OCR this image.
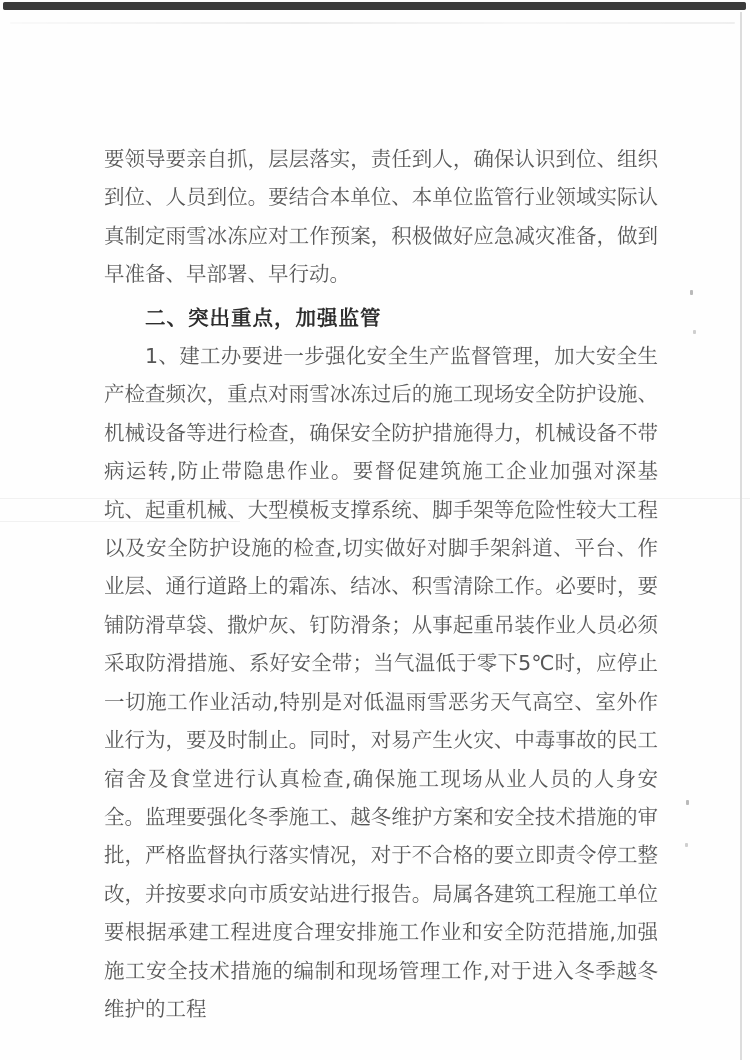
要领导要亲自抓，层层落实，责任到人，确保认识到位、组织到位、人员到位。要结合本单位、本单位监管行业领域实际认真制定雨雪冰冻应对工作预案，积极做好应急减灾准备，做到早准备、早部署、早行动。

二、突出重点，加强监管

1、建工办要进一步强化安全生产监督管理，加大安全生产检查频次，重点对雨雪冰冻过后的施工现场安全防护设施、机械设备等进行检查，确保安全防护措施得力，机械设备不带病运转,防止带隐患作业。要督促建筑施工企业加强对深基坑、起重机械、大型模板支撑系统、脚手架等危险性较大工程以及安全防护设施的检查,切实做好对脚手架斜道、平台、作业层、通行道路上的霜冻、结冰、积雪清除工作。必要时，要铺防滑草袋、撒炉灰、钉防滑条；从事起重吊装作业人员必须采取防滑措施、系好安全带；当气温低于零下5℃时，应停止一切施工作业活动,特别是对低温雨雪恶劣天气高空、室外作业行为，要及时制止。同时，对易产生火灾、中毒事故的民工宿舍及食堂进行认真检查,确保施工现场从业人员的人身安全。监理要强化冬季施工、越冬维护方案和安全技术措施的审批，严格监督执行落实情况，对于不合格的要立即责令停工整改，并按要求向市质安站进行报告。局属各建筑工程施工单位要根据承建工程进度合理安排施工作业和安全防范措施,加强施工安全技术措施的编制和现场管理工作,对于进入冬季越冬维护的工程
